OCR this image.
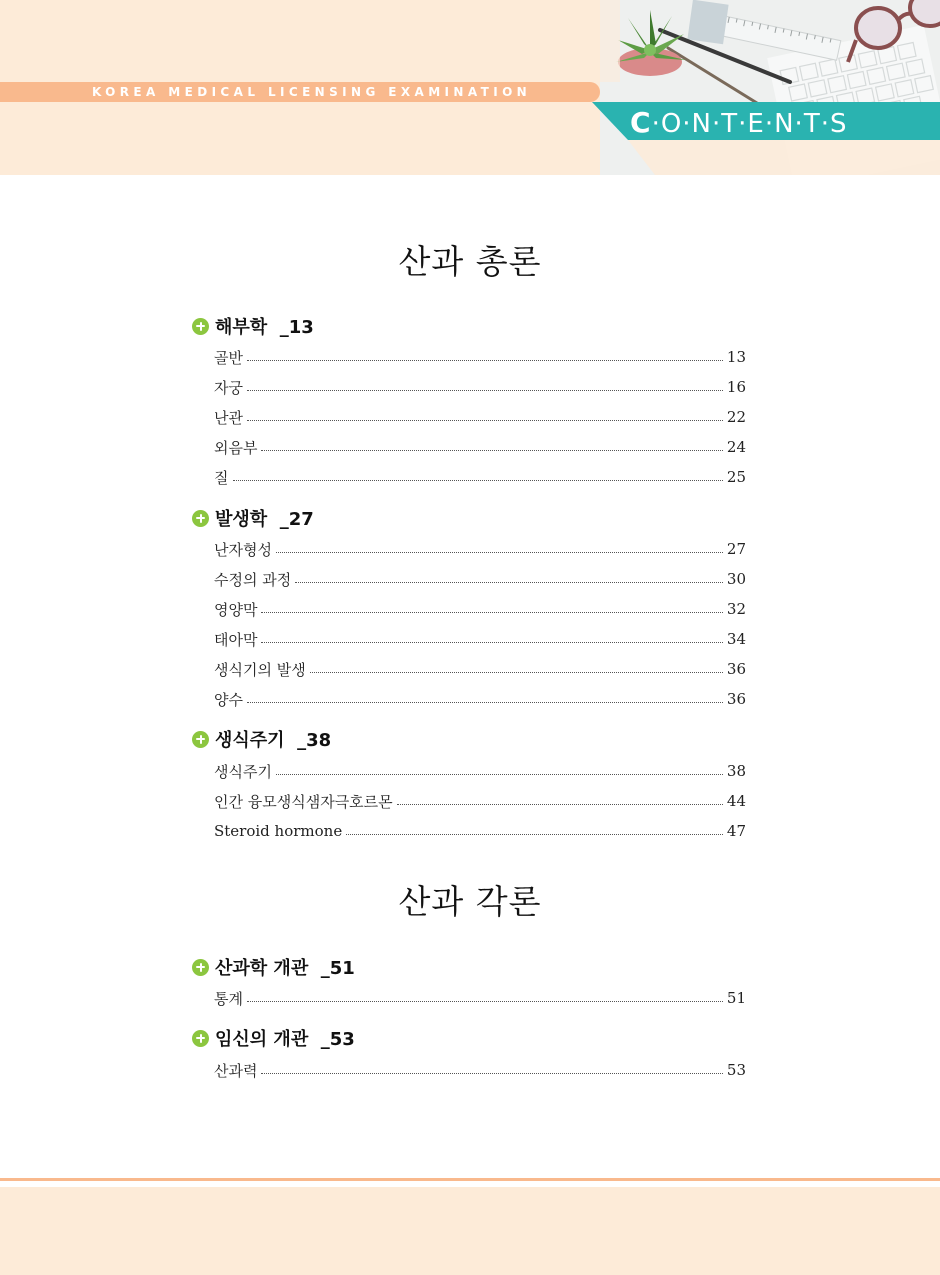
KOREA MEDICAL LICENSING EXAMINATION
C·O·N·T·E·N·T·S
산과 총론
해부학  _13
골반	13
자궁	16
난관	22
외음부	24
질	25
발생학  _27
난자형성	27
수정의 과정	30
영양막	32
태아막	34
생식기의 발생	36
양수	36
생식주기  _38
생식주기	38
인간 융모생식샘자극호르몬	44
Steroid hormone	47
산과 각론
산과학 개관  _51
통계	51
임신의 개관  _53
산과력	53
